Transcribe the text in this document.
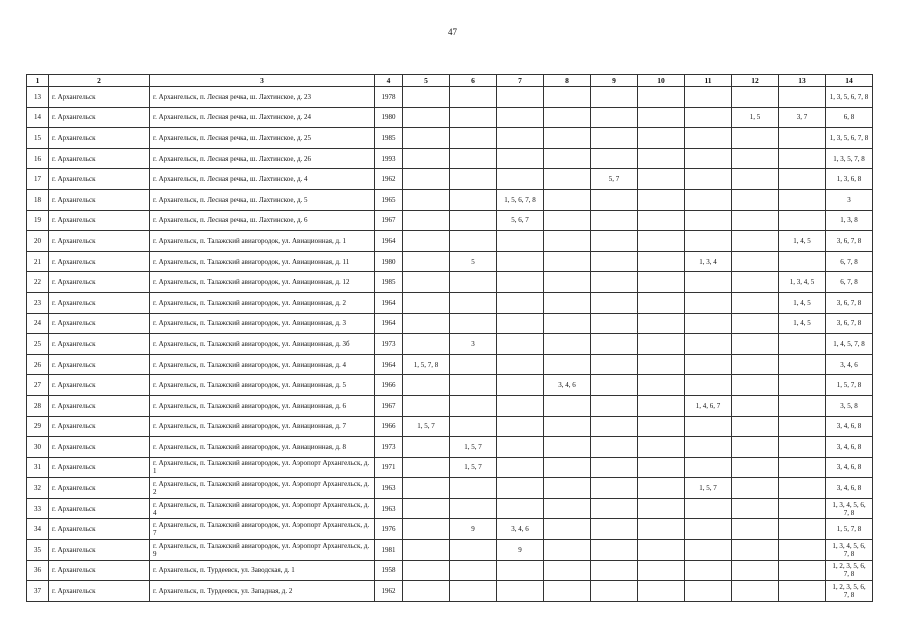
47
1	2	3	4	5	6	7	8	9	10	11	12	13	14
13	г. Архангельск	г. Архангельск, п. Лесная речка, ш. Лахтинское, д. 23	1978										1, 3, 5, 6, 7, 8
14	г. Архангельск	г. Архангельск, п. Лесная речка, ш. Лахтинское, д. 24	1980								1, 5	3, 7	6, 8
15	г. Архангельск	г. Архангельск, п. Лесная речка, ш. Лахтинское, д. 25	1985										1, 3, 5, 6, 7, 8
16	г. Архангельск	г. Архангельск, п. Лесная речка, ш. Лахтинское, д. 26	1993										1, 3, 5, 7, 8
17	г. Архангельск	г. Архангельск, п. Лесная речка, ш. Лахтинское, д. 4	1962					5, 7					1, 3, 6, 8
18	г. Архангельск	г. Архангельск, п. Лесная речка, ш. Лахтинское, д. 5	1965			1, 5, 6, 7, 8							3
19	г. Архангельск	г. Архангельск, п. Лесная речка, ш. Лахтинское, д. 6	1967			5, 6, 7							1, 3, 8
20	г. Архангельск	г. Архангельск, п. Талажский авиагородок, ул. Авиационная, д. 1	1964									1, 4, 5	3, 6, 7, 8
21	г. Архангельск	г. Архангельск, п. Талажский авиагородок, ул. Авиационная, д. 11	1980		5					1, 3, 4			6, 7, 8
22	г. Архангельск	г. Архангельск, п. Талажский авиагородок, ул. Авиационная, д. 12	1985									1, 3, 4, 5	6, 7, 8
23	г. Архангельск	г. Архангельск, п. Талажский авиагородок, ул. Авиационная, д. 2	1964									1, 4, 5	3, 6, 7, 8
24	г. Архангельск	г. Архангельск, п. Талажский авиагородок, ул. Авиационная, д. 3	1964									1, 4, 5	3, 6, 7, 8
25	г. Архангельск	г. Архангельск, п. Талажский авиагородок, ул. Авиационная, д. 3б	1973		3								1, 4, 5, 7, 8
26	г. Архангельск	г. Архангельск, п. Талажский авиагородок, ул. Авиационная, д. 4	1964	1, 5, 7, 8									3, 4, 6
27	г. Архангельск	г. Архангельск, п. Талажский авиагородок, ул. Авиационная, д. 5	1966				3, 4, 6						1, 5, 7, 8
28	г. Архангельск	г. Архангельск, п. Талажский авиагородок, ул. Авиационная, д. 6	1967							1, 4, 6, 7			3, 5, 8
29	г. Архангельск	г. Архангельск, п. Талажский авиагородок, ул. Авиационная, д. 7	1966	1, 5, 7									3, 4, 6, 8
30	г. Архангельск	г. Архангельск, п. Талажский авиагородок, ул. Авиационная, д. 8	1973		1, 5, 7								3, 4, 6, 8
31	г. Архангельск	г. Архангельск, п. Талажский авиагородок, ул. Аэропорт Архангельск, д. 1	1971		1, 5, 7								3, 4, 6, 8
32	г. Архангельск	г. Архангельск, п. Талажский авиагородок, ул. Аэропорт Архангельск, д. 2	1963							1, 5, 7			3, 4, 6, 8
33	г. Архангельск	г. Архангельск, п. Талажский авиагородок, ул. Аэропорт Архангельск, д. 4	1963										1, 3, 4, 5, 6, 7, 8
34	г. Архангельск	г. Архангельск, п. Талажский авиагородок, ул. Аэропорт Архангельск, д. 7	1976		9	3, 4, 6							1, 5, 7, 8
35	г. Архангельск	г. Архангельск, п. Талажский авиагородок, ул. Аэропорт Архангельск, д. 9	1981			9							1, 3, 4, 5, 6, 7, 8
36	г. Архангельск	г. Архангельск, п. Турдеевск, ул. Заводская, д. 1	1958										1, 2, 3, 5, 6, 7, 8
37	г. Архангельск	г. Архангельск, п. Турдеевск, ул. Западная, д. 2	1962										1, 2, 3, 5, 6, 7, 8
